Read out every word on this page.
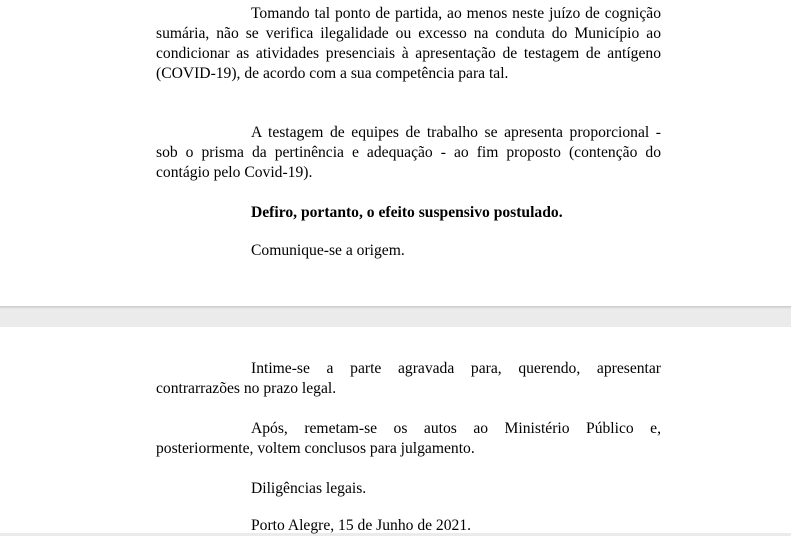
Tomando tal ponto de partida, ao menos neste juízo de cognição sumária, não se verifica ilegalidade ou excesso na conduta do Município ao condicionar as atividades presenciais à apresentação de testagem de antígeno (COVID-19), de acordo com a sua competência para tal.

A testagem de equipes de trabalho se apresenta proporcional - sob o prisma da pertinência e adequação - ao fim proposto (contenção do contágio pelo Covid-19).

Defiro, portanto, o efeito suspensivo postulado.

Comunique-se a origem.

Intime-se a parte agravada para, querendo, apresentar contrarrazões no prazo legal.

Após, remetam-se os autos ao Ministério Público e, posteriormente, voltem conclusos para julgamento.

Diligências legais.

Porto Alegre, 15 de Junho de 2021.
